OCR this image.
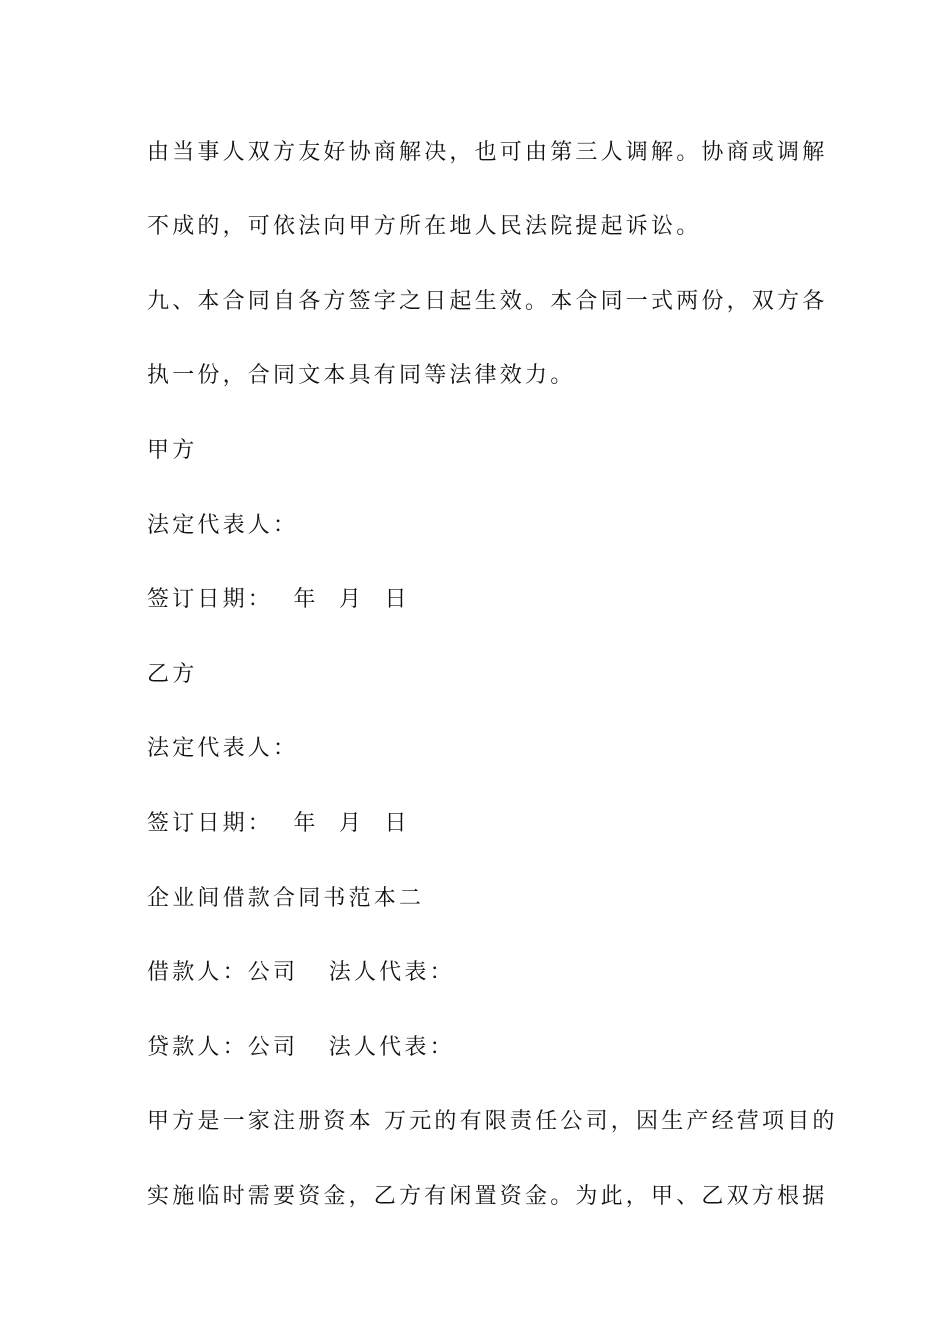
由当事人双方友好协商解决，也可由第三人调解。协商或调解
不成的，可依法向甲方所在地人民法院提起诉讼。
九、本合同自各方签字之日起生效。本合同一式两份，双方各
执一份，合同文本具有同等法律效力。
甲方
法定代表人：
签订日期：  年  月  日
乙方
法定代表人：
签订日期：  年  月  日
企业间借款合同书范本二
借款人：公司   法人代表：
贷款人：公司   法人代表：
甲方是一家注册资本 万元的有限责任公司，因生产经营项目的
实施临时需要资金，乙方有闲置资金。为此，甲、乙双方根据
